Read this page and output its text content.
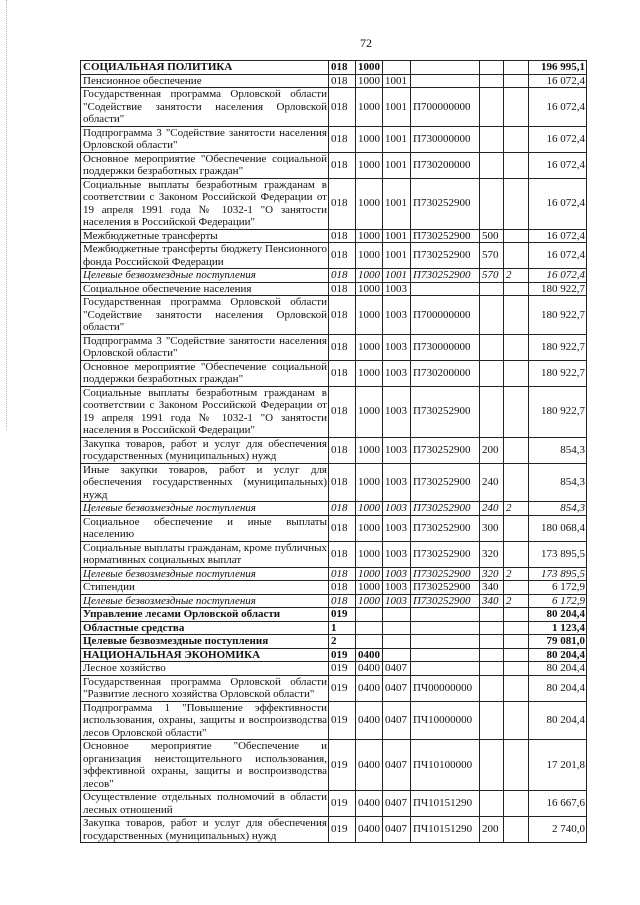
72
СОЦИАЛЬНАЯ ПОЛИТИКА	018	1000					196 995,1
Пенсионное обеспечение	018	1000	1001				16 072,4
Государственная программа Орловской области "Содействие занятости населения Орловской области"	018	1000	1001	П700000000			16 072,4
Подпрограмма 3 "Содействие занятости населения Орловской области"	018	1000	1001	П730000000			16 072,4
Основное мероприятие "Обеспечение социальной поддержки безработных граждан"	018	1000	1001	П730200000			16 072,4
Социальные выплаты безработным гражданам в соответствии с Законом Российской Федерации от 19 апреля 1991 года № 1032-1 "О занятости населения в Российской Федерации"	018	1000	1001	П730252900			16 072,4
Межбюджетные трансферты	018	1000	1001	П730252900	500		16 072,4
Межбюджетные трансферты бюджету Пенсионного фонда Российской Федерации	018	1000	1001	П730252900	570		16 072,4
Целевые безвозмездные поступления	018	1000	1001	П730252900	570	2	16 072,4
Социальное обеспечение населения	018	1000	1003				180 922,7
Государственная программа Орловской области "Содействие занятости населения Орловской области"	018	1000	1003	П700000000			180 922,7
Подпрограмма 3 "Содействие занятости населения Орловской области"	018	1000	1003	П730000000			180 922,7
Основное мероприятие "Обеспечение социальной поддержки безработных граждан"	018	1000	1003	П730200000			180 922,7
Социальные выплаты безработным гражданам в соответствии с Законом Российской Федерации от 19 апреля 1991 года № 1032-1 "О занятости населения в Российской Федерации"	018	1000	1003	П730252900			180 922,7
Закупка товаров, работ и услуг для обеспечения государственных (муниципальных) нужд	018	1000	1003	П730252900	200		854,3
Иные закупки товаров, работ и услуг для обеспечения государственных (муниципальных) нужд	018	1000	1003	П730252900	240		854,3
Целевые безвозмездные поступления	018	1000	1003	П730252900	240	2	854,3
Социальное обеспечение и иные выплаты населению	018	1000	1003	П730252900	300		180 068,4
Социальные выплаты гражданам, кроме публичных нормативных социальных выплат	018	1000	1003	П730252900	320		173 895,5
Целевые безвозмездные поступления	018	1000	1003	П730252900	320	2	173 895,5
Стипендии	018	1000	1003	П730252900	340		6 172,9
Целевые безвозмездные поступления	018	1000	1003	П730252900	340	2	6 172,9
Управление лесами Орловской области	019						80 204,4
Областные средства	1						1 123,4
Целевые безвозмездные поступления	2						79 081,0
НАЦИОНАЛЬНАЯ ЭКОНОМИКА	019	0400					80 204,4
Лесное хозяйство	019	0400	0407				80 204,4
Государственная программа Орловской области "Развитие лесного хозяйства Орловской области"	019	0400	0407	ПЧ00000000			80 204,4
Подпрограмма 1 "Повышение эффективности использования, охраны, защиты и воспроизводства лесов Орловской области"	019	0400	0407	ПЧ10000000			80 204,4
Основное мероприятие "Обеспечение и организация неистощительного использования, эффективной охраны, защиты и воспроизводства лесов"	019	0400	0407	ПЧ10100000			17 201,8
Осуществление отдельных полномочий в области лесных отношений	019	0400	0407	ПЧ10151290			16 667,6
Закупка товаров, работ и услуг для обеспечения государственных (муниципальных) нужд	019	0400	0407	ПЧ10151290	200		2 740,0
